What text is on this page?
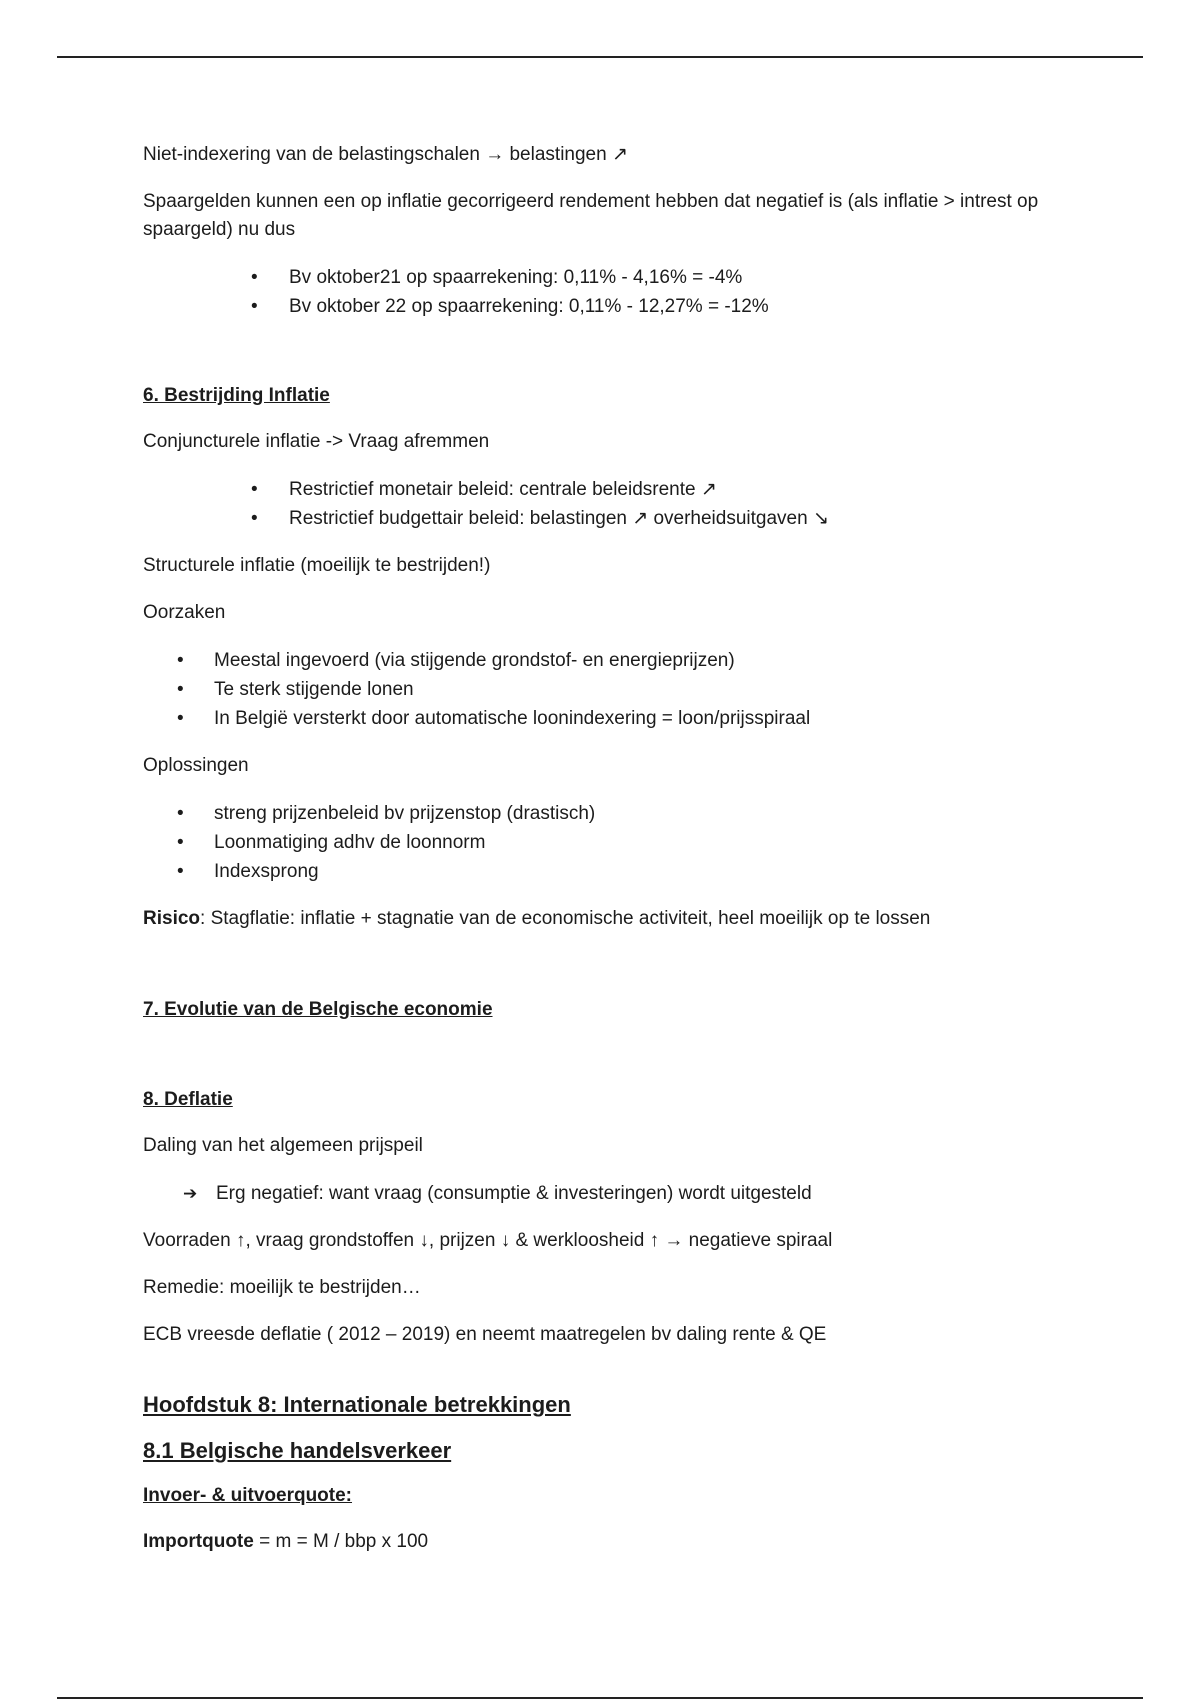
Niet-indexering van de belastingschalen → belastingen ↗

Spaargelden kunnen een op inflatie gecorrigeerd rendement hebben dat negatief is (als inflatie > intrest op spaargeld) nu dus

• Bv oktober21 op spaarrekening: 0,11% - 4,16% = -4%
• Bv oktober 22 op spaarrekening: 0,11% - 12,27% = -12%
6. Bestrijding Inflatie

Conjuncturele inflatie -> Vraag afremmen

• Restrictief monetair beleid: centrale beleidsrente ↗
• Restrictief budgettair beleid: belastingen ↗ overheidsuitgaven ↘

Structurele inflatie (moeilijk te bestrijden!)

Oorzaken

• Meestal ingevoerd (via stijgende grondstof- en energieprijzen)
• Te sterk stijgende lonen
• In België versterkt door automatische loonindexering = loon/prijsspiraal

Oplossingen

• streng prijzenbeleid bv prijzenstop (drastisch)
• Loonmatiging adhv de loonnorm
• Indexsprong

Risico: Stagflatie: inflatie + stagnatie van de economische activiteit, heel moeilijk op te lossen

7. Evolutie van de Belgische economie
8. Deflatie

Daling van het algemeen prijspeil

➔ Erg negatief: want vraag (consumptie & investeringen) wordt uitgesteld

Voorraden ↑, vraag grondstoffen ↓, prijzen ↓ & werkloosheid ↑ → negatieve spiraal

Remedie: moeilijk te bestrijden…

ECB vreesde deflatie ( 2012 – 2019) en neemt maatregelen bv daling rente & QE

Hoofdstuk 8: Internationale betrekkingen
8.1 Belgische handelsverkeer
Invoer- & uitvoerquote:

Importquote = m = M / bbp x 100
